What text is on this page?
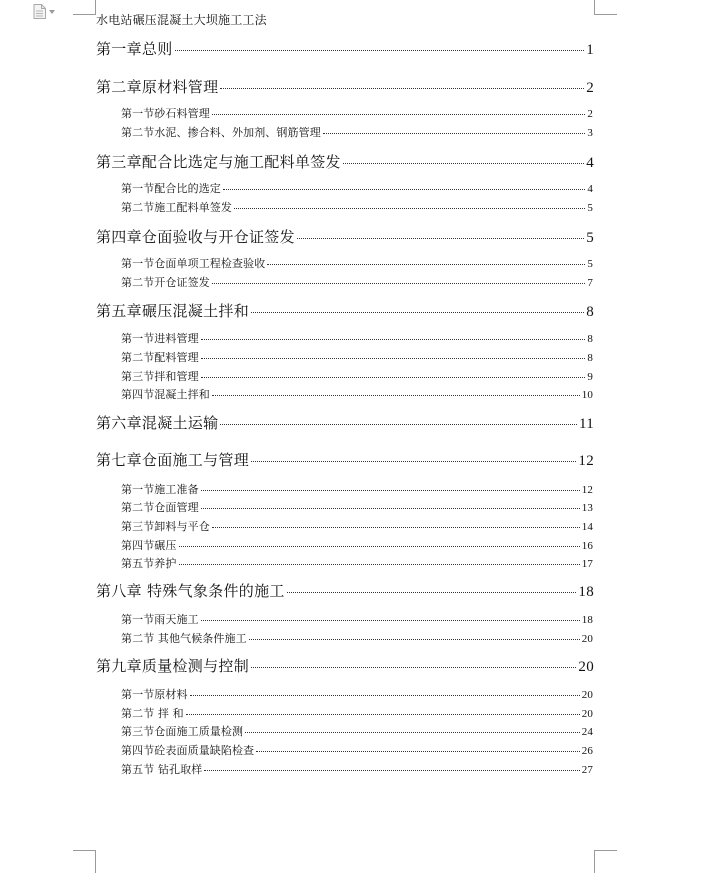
水电站碾压混凝土大坝施工工法
第一章总则	1
第二章原材料管理	2
第一节砂石料管理	2
第二节水泥、掺合料、外加剂、钢筋管理	3
第三章配合比选定与施工配料单签发	4
第一节配合比的选定	4
第二节施工配料单签发	5
第四章仓面验收与开仓证签发	5
第一节仓面单项工程检查验收	5
第二节开仓证签发	7
第五章碾压混凝土拌和	8
第一节进料管理	8
第二节配料管理	8
第三节拌和管理	9
第四节混凝土拌和	10
第六章混凝土运输	11
第七章仓面施工与管理	12
第一节施工准备	12
第二节仓面管理	13
第三节卸料与平仓	14
第四节碾压	16
第五节养护	17
第八章 特殊气象条件的施工	18
第一节雨天施工	18
第二节 其他气候条件施工	20
第九章质量检测与控制	20
第一节原材料	20
第二节 拌 和	20
第三节仓面施工质量检测	24
第四节砼表面质量缺陷检查	26
第五节 钻孔取样	27
